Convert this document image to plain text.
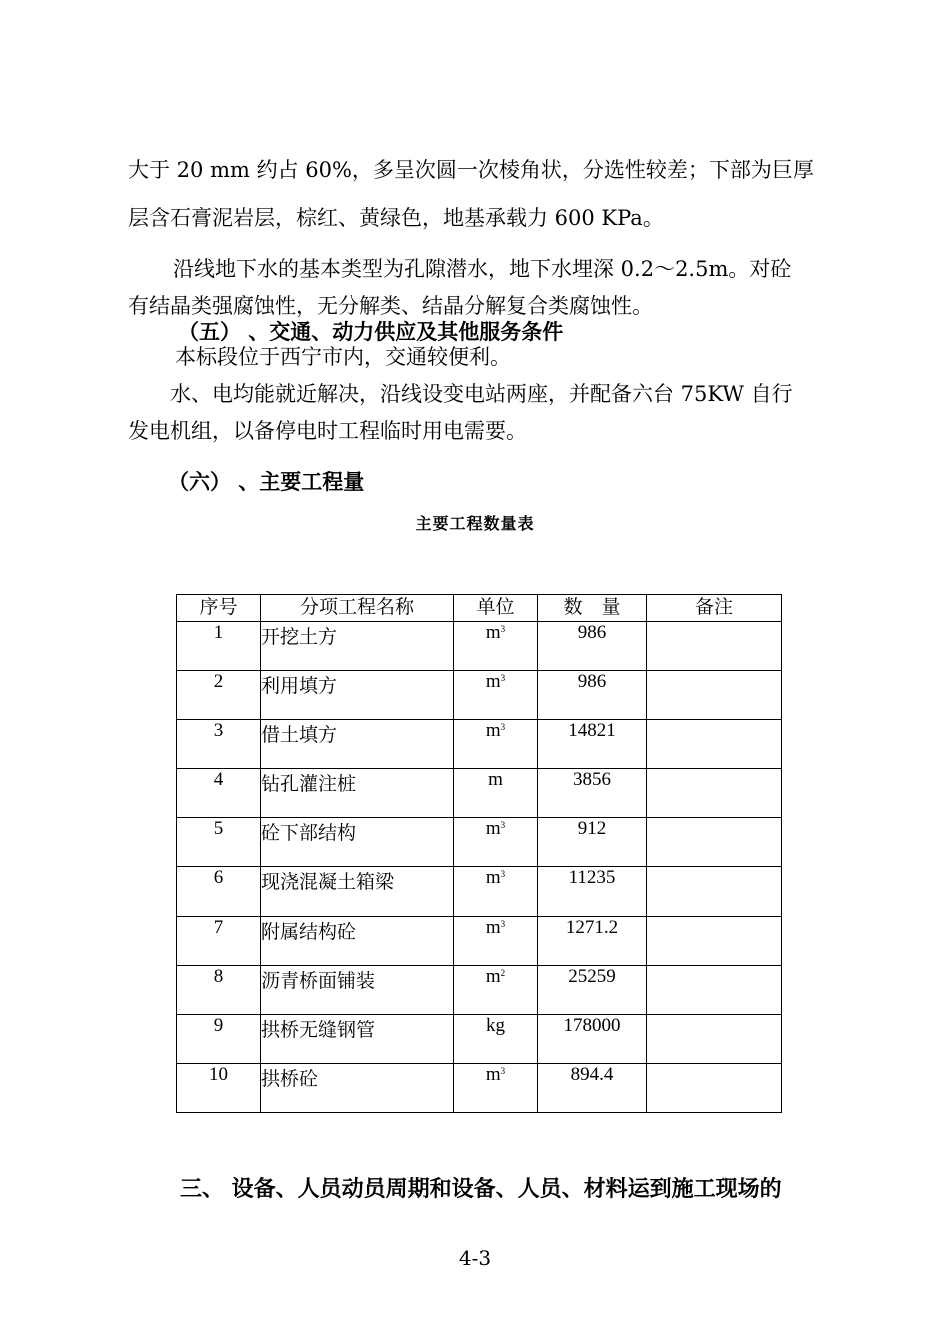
大于 20 mm 约占 60%，多呈次圆一次棱角状，分选性较差；下部为巨厚
层含石膏泥岩层，棕红、黄绿色，地基承载力 600 KPa。
沿线地下水的基本类型为孔隙潜水，地下水埋深 0.2～2.5m。对砼
有结晶类强腐蚀性，无分解类、结晶分解复合类腐蚀性。
（五） 、交通、动力供应及其他服务条件
本标段位于西宁市内，交通较便利。
水、电均能就近解决，沿线设变电站两座，并配备六台 75KW 自行
发电机组，以备停电时工程临时用电需要。
（六） 、主要工程量
主要工程数量表
序号	分项工程名称	单位	数　量	备注
1	开挖土方	$m^3$	986	
2	利用填方	$m^3$	986	
3	借土填方	$m^3$	14821	
4	钻孔灌注桩	m	3856	
5	砼下部结构	$m^3$	912	
6	现浇混凝土箱梁	$m^3$	11235	
7	附属结构砼	$m^3$	1271.2	
8	沥青桥面铺装	$m^2$	25259	
9	拱桥无缝钢管	kg	178000	
10	拱桥砼	$m^3$	894.4	
三、 设备、人员动员周期和设备、人员、材料运到施工现场的
4-3
